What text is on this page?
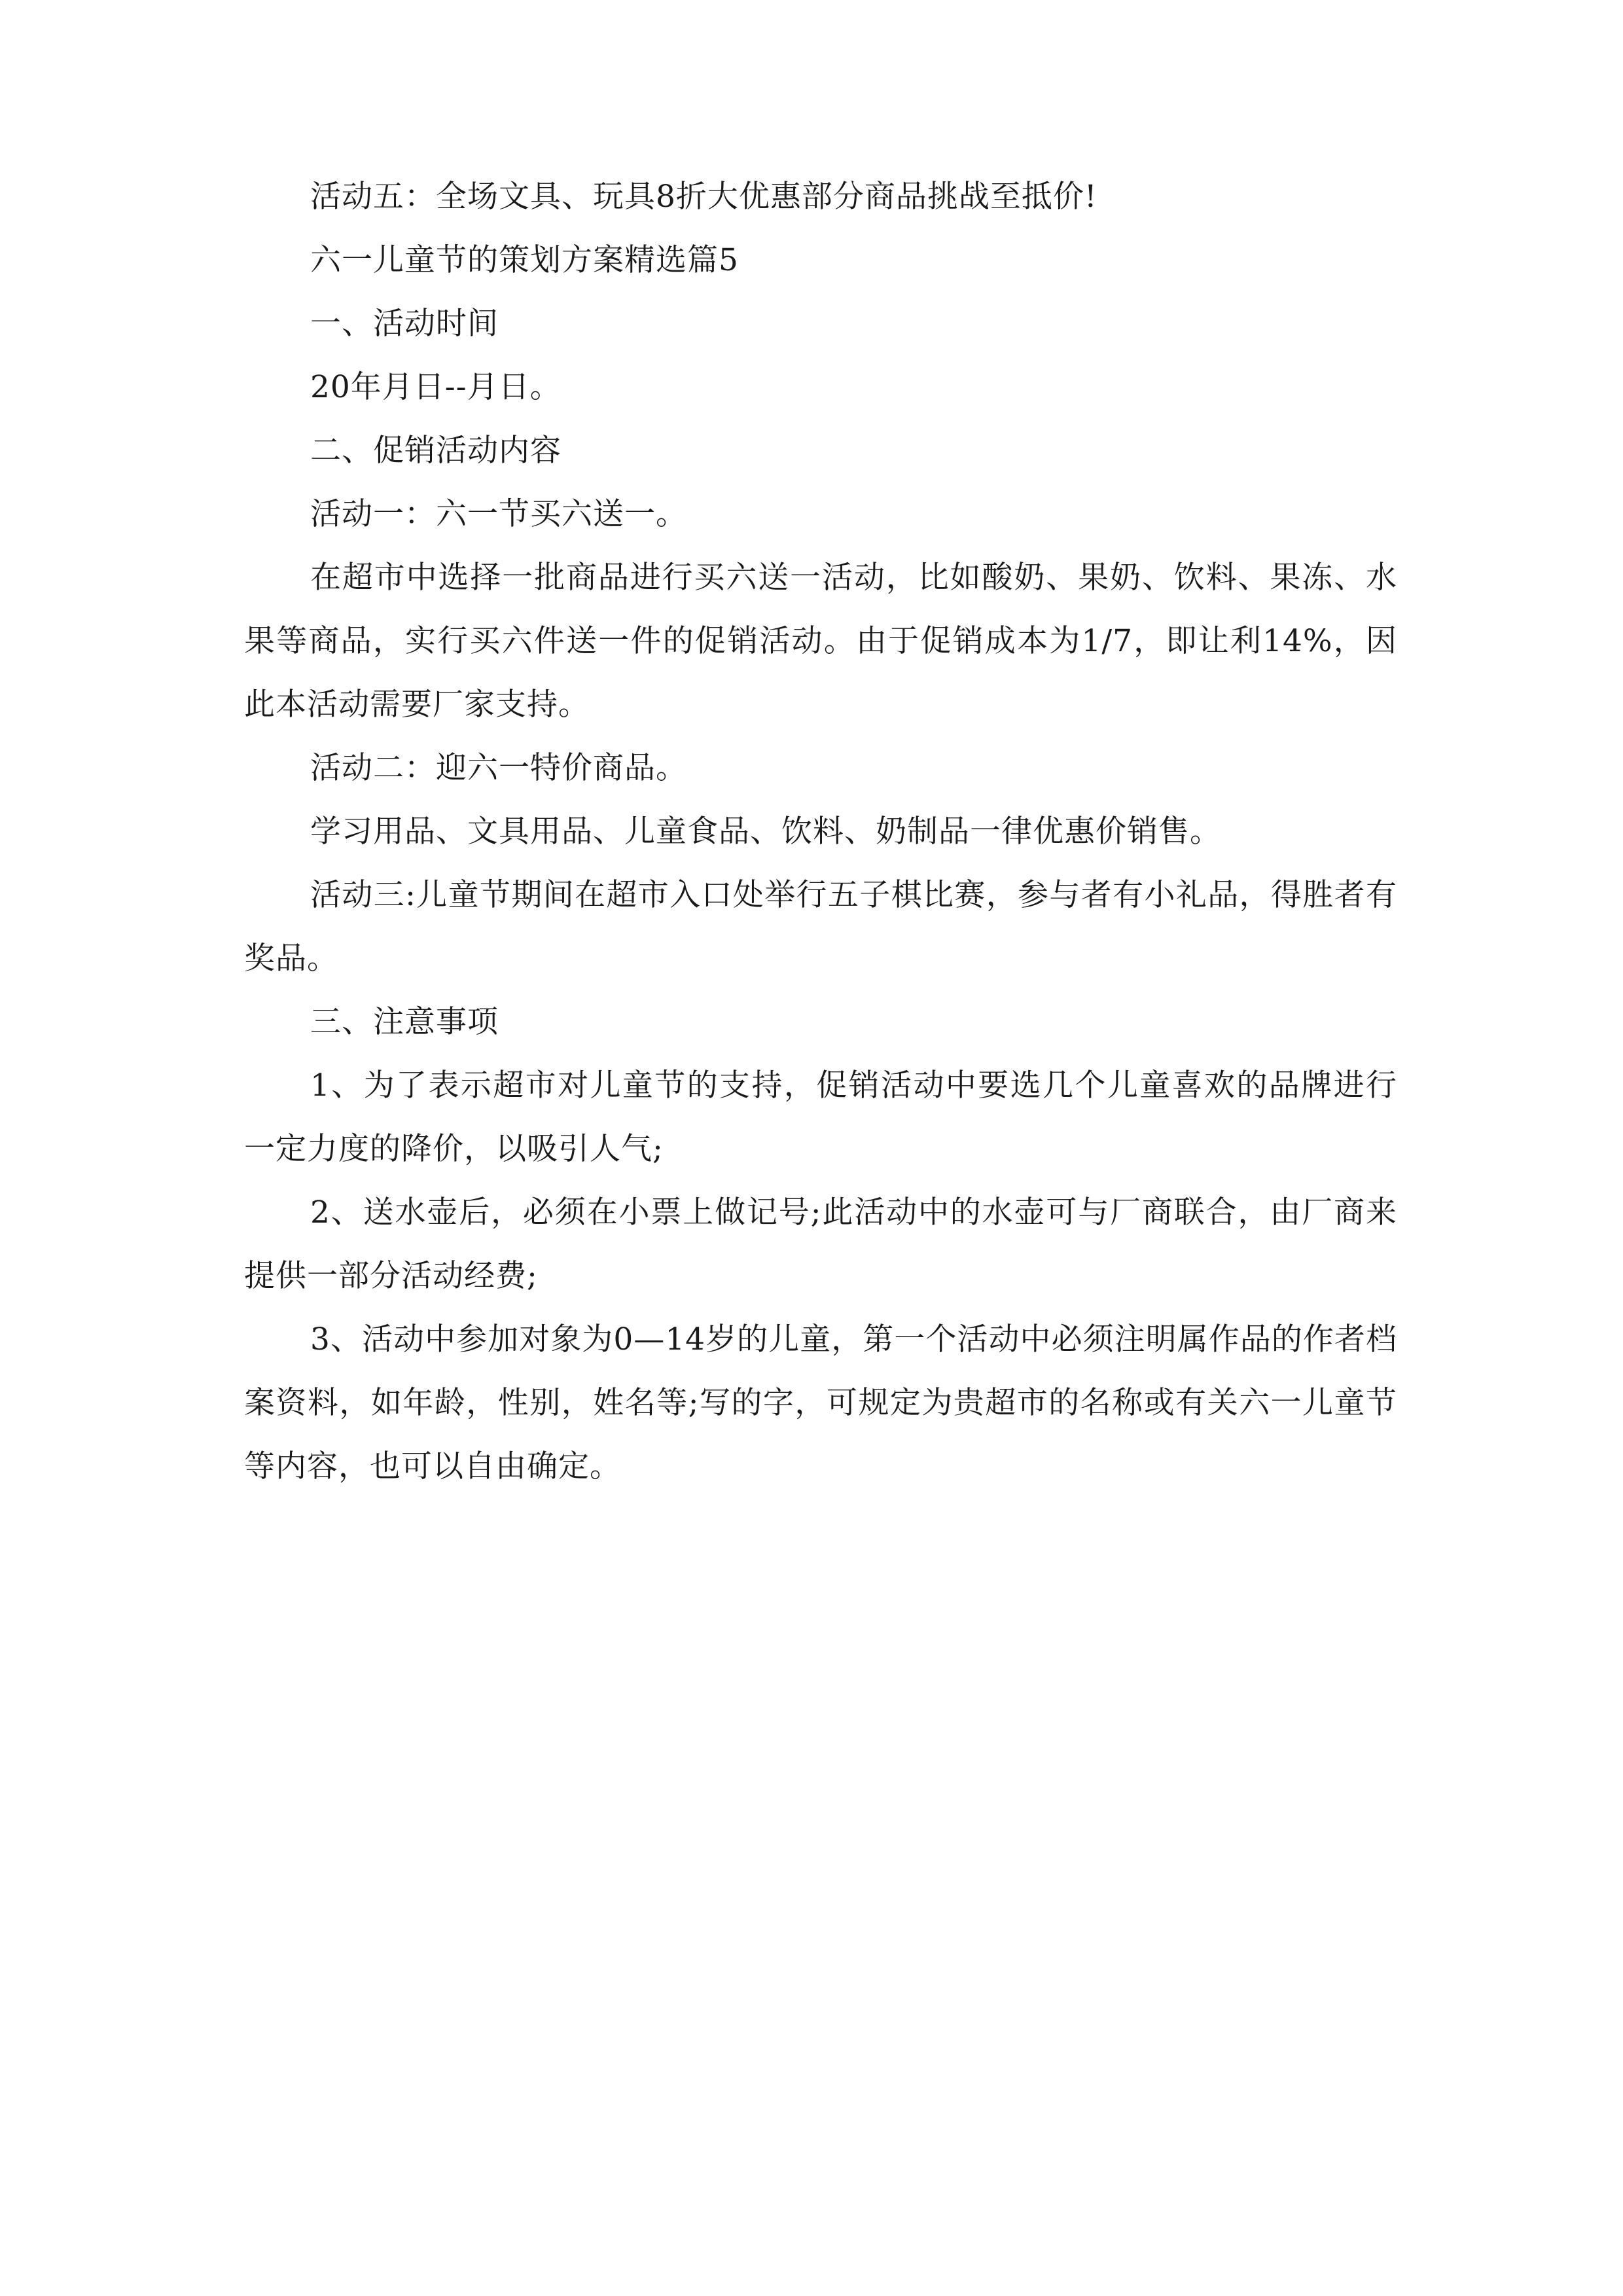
活动五：全场文具、玩具8折大优惠部分商品挑战至抵价!

六一儿童节的策划方案精选篇5

一、活动时间

20年月日--月日。

二、促销活动内容

活动一：六一节买六送一。

在超市中选择一批商品进行买六送一活动，比如酸奶、果奶、饮料、果冻、水果等商品，实行买六件送一件的促销活动。由于促销成本为1/7，即让利14%，因此本活动需要厂家支持。

活动二：迎六一特价商品。

学习用品、文具用品、儿童食品、饮料、奶制品一律优惠价销售。

活动三:儿童节期间在超市入口处举行五子棋比赛，参与者有小礼品，得胜者有奖品。

三、注意事项

1、为了表示超市对儿童节的支持，促销活动中要选几个儿童喜欢的品牌进行一定力度的降价，以吸引人气;

2、送水壶后，必须在小票上做记号;此活动中的水壶可与厂商联合，由厂商来提供一部分活动经费;

3、活动中参加对象为0—14岁的儿童，第一个活动中必须注明属作品的作者档案资料，如年龄，性别，姓名等;写的字，可规定为贵超市的名称或有关六一儿童节等内容，也可以自由确定。
